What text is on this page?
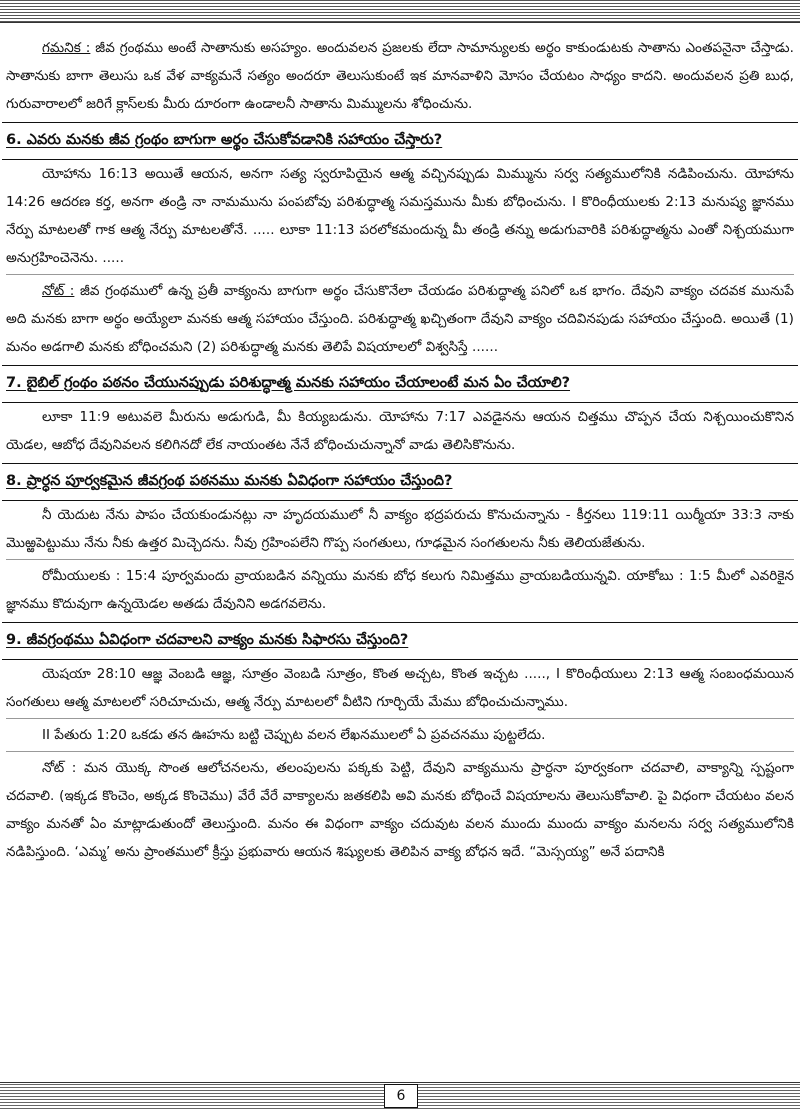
గమనిక : జీవ గ్రంథము అంటే సాతానుకు అసహ్యం. అందువలన ప్రజలకు లేదా సామాన్యులకు అర్థం కాకుండుటకు సాతాను ఎంతపనైనా చేస్తాడు. సాతానుకు బాగా తెలుసు ఒక వేళ వాక్యమనే సత్యం అందరూ తెలుసుకుంటే ఇక మానవాళిని మోసం చేయటం సాధ్యం కాదని. అందువలన ప్రతి బుధ, గురువారాలలో జరిగే క్లాస్‌లకు మీరు దూరంగా ఉండాలనీ సాతాను మిమ్ములను శోధించును.

6. ఎవరు మనకు జీవ గ్రంథం బాగుగా అర్థం చేసుకోవడానికి సహాయం చేస్తారు?

యోహాను 16:13 అయితే ఆయన, అనగా సత్య స్వరూపియైన ఆత్మ వచ్చినప్పుడు మిమ్మును సర్వ సత్యములోనికి నడిపించును. యోహాను 14:26 ఆదరణ కర్త, అనగా తండ్రి నా నామమును పంపబోవు పరిశుద్ధాత్మ సమస్తమును మీకు బోధించును. I కొరింధీయులకు 2:13 మనుష్య జ్ఞానము నేర్పు మాటలతో గాక ఆత్మ నేర్పు మాటలతోనే. ..... లూకా 11:13 పరలోకమందున్న మీ తండ్రి తన్ను అడుగువారికి పరిశుద్ధాత్మను ఎంతో నిశ్చయముగా అనుగ్రహించెనెను. .....

నోట్ : జీవ గ్రంథములో ఉన్న ప్రతీ వాక్యంను బాగుగా అర్థం చేసుకొనేలా చేయడం పరిశుద్ధాత్మ పనిలో ఒక భాగం. దేవుని వాక్యం చదవక మునుపే అది మనకు బాగా అర్థం అయ్యేలా మనకు ఆత్మ సహాయం చేస్తుంది. పరిశుద్ధాత్మ ఖచ్చితంగా దేవుని వాక్యం చదివినపుడు సహాయం చేస్తుంది. అయితే (1) మనం అడగాలి మనకు బోధించమని (2) పరిశుద్ధాత్మ మనకు తెలిపే విషయాలలో విశ్వసిస్తే ......

7. బైబిల్ గ్రంథం పఠనం చేయునప్పుడు పరిశుద్ధాత్మ మనకు సహాయం చేయాలంటే మన ఏం చేయాలి?

లూకా 11:9 అటువలె మీరును అడుగుడి, మీ కియ్యబడును. యోహాను 7:17 ఎవడైనను ఆయన చిత్తము చొప్పన చేయ నిశ్చయించుకొనిన యెడల, ఆబోధ దేవునివలన కలిగినదో లేక నాయంతట నేనే బోధించుచున్నానో వాడు తెలిసికొనును.

8. ప్రార్ధన పూర్వకమైన జీవగ్రంథ పఠనము మనకు ఏవిధంగా సహాయం చేస్తుంది?

నీ యెదుట నేను పాపం చేయకుండునట్లు నా హృదయములో నీ వాక్యం భద్రపరుచు కొనుచున్నాను - కీర్తనలు 119:11 యిర్మీయా 33:3 నాకు మొఱ్ఱపెట్టుము నేను నీకు ఉత్తర మిచ్చెదను. నీవు గ్రహింపలేని గొప్ప సంగతులు, గూఢమైన సంగతులను నీకు తెలియజేతును.

రోమీయులకు : 15:4 పూర్వమందు వ్రాయబడిన వన్నియు మనకు బోధ కలుగు నిమిత్తము వ్రాయబడియున్నవి. యాకోబు : 1:5 మీలో ఎవరికైన జ్ఞానము కొదువుగా ఉన్నయెడల అతడు దేవునిని అడగవలెను.

9. జీవగ్రంథము ఏవిధంగా చదవాలని వాక్యం మనకు సిఫారసు చేస్తుంది?

యెషయా 28:10 ఆజ్ఞ వెంబడి ఆజ్ఞ, సూత్రం వెంబడి సూత్రం, కొంత అచ్చట, కొంత ఇచ్చట ....., I కొరింధీయులు 2:13 ఆత్మ సంబంధమయిన సంగతులు ఆత్మ మాటలలో సరిచూచుచు, ఆత్మ నేర్పు మాటలలో వీటిని గూర్చియే మేము బోధించుచున్నాము.

II పేతురు 1:20 ఒకడు తన ఊహను బట్టి చెప్పుట వలన లేఖనములలో ఏ ప్రవచనము పుట్టలేదు.

నోట్ : మన యొక్క సొంత ఆలోచనలను, తలంపులను పక్కకు పెట్టి, దేవుని వాక్యమును ప్రార్ధనా పూర్వకంగా చదవాలి, వాక్యాన్ని స్పష్టంగా చదవాలి. (ఇక్కడ కొంచెం, అక్కడ కొంచెము) వేరే వేరే వాక్యాలను జతకలిపి అవి మనకు బోధించే విషయాలను తెలుసుకోవాలి. పై విధంగా చేయటం వలన వాక్యం మనతో ఏం మాట్లాడుతుందో తెలుస్తుంది. మనం ఈ విధంగా వాక్యం చదువుట వలన ముందు ముందు వాక్యం మనలను సర్వ సత్యములోనికి నడిపిస్తుంది. ‘ఎమ్మ’ అను ప్రాంతములో క్రీస్తు ప్రభువారు ఆయన శిష్యులకు తెలిపిన వాక్య బోధన ఇదే. “మెస్సయ్య” అనే పదానికి

6
